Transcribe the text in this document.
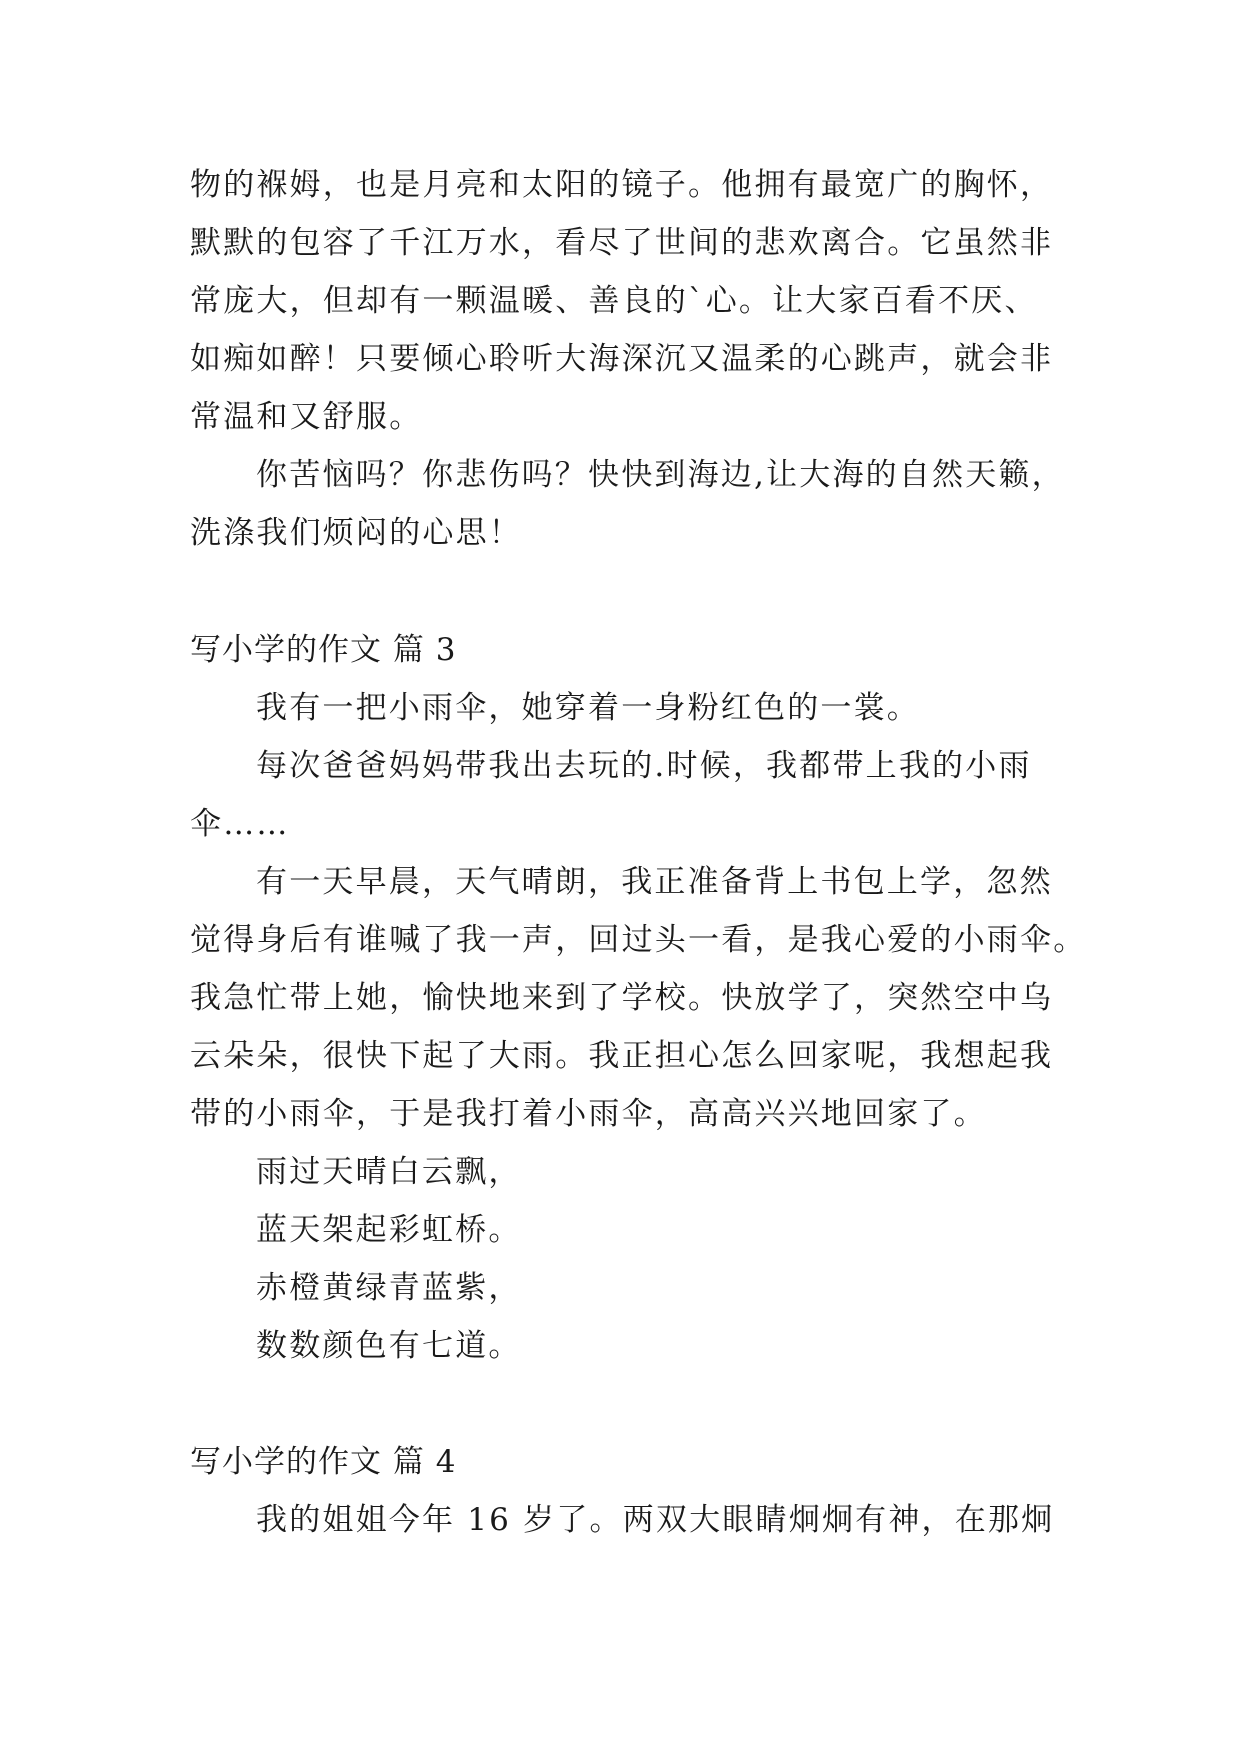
物的褓姆，也是月亮和太阳的镜子。他拥有最宽广的胸怀，
默默的包容了千江万水，看尽了世间的悲欢离合。它虽然非
常庞大，但却有一颗温暖、善良的`心。让大家百看不厌、
如痴如醉！只要倾心聆听大海深沉又温柔的心跳声，就会非
常温和又舒服。
你苦恼吗？你悲伤吗？快快到海边,让大海的自然天籁，
洗涤我们烦闷的心思！
写小学的作文 篇 3
我有一把小雨伞，她穿着一身粉红色的一裳。
每次爸爸妈妈带我出去玩的.时候，我都带上我的小雨
伞……
有一天早晨，天气晴朗，我正准备背上书包上学，忽然
觉得身后有谁喊了我一声，回过头一看，是我心爱的小雨伞。
我急忙带上她，愉快地来到了学校。快放学了，突然空中乌
云朵朵，很快下起了大雨。我正担心怎么回家呢，我想起我
带的小雨伞，于是我打着小雨伞，高高兴兴地回家了。
雨过天晴白云飘，
蓝天架起彩虹桥。
赤橙黄绿青蓝紫，
数数颜色有七道。
写小学的作文 篇 4
我的姐姐今年 16 岁了。两双大眼睛炯炯有神，在那炯
